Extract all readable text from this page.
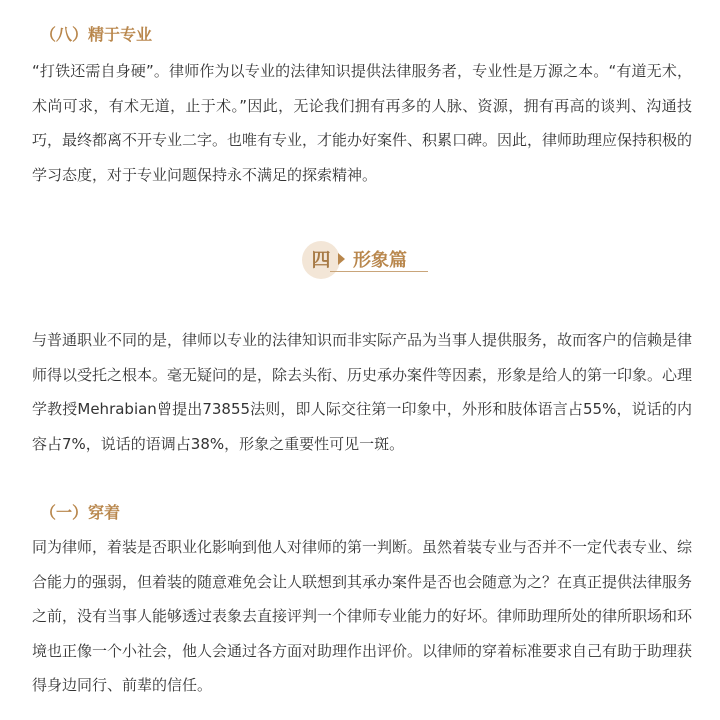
（八）精于专业

“打铁还需自身硬”。律师作为以专业的法律知识提供法律服务者，专业性是万源之本。“有道无术，术尚可求，有术无道，止于术。”因此，无论我们拥有再多的人脉、资源，拥有再高的谈判、沟通技巧，最终都离不开专业二字。也唯有专业，才能办好案件、积累口碑。因此，律师助理应保持积极的学习态度，对于专业问题保持永不满足的探索精神。

四	形象篇

与普通职业不同的是，律师以专业的法律知识而非实际产品为当事人提供服务，故而客户的信赖是律师得以受托之根本。毫无疑问的是，除去头衔、历史承办案件等因素，形象是给人的第一印象。心理学教授Mehrabian曾提出73855法则，即人际交往第一印象中，外形和肢体语言占55%，说话的内容占7%，说话的语调占38%，形象之重要性可见一斑。

（一）穿着

同为律师，着装是否职业化影响到他人对律师的第一判断。虽然着装专业与否并不一定代表专业、综合能力的强弱，但着装的随意难免会让人联想到其承办案件是否也会随意为之？在真正提供法律服务之前，没有当事人能够透过表象去直接评判一个律师专业能力的好坏。律师助理所处的律所职场和环境也正像一个小社会，他人会通过各方面对助理作出评价。以律师的穿着标准要求自己有助于助理获得身边同行、前辈的信任。
